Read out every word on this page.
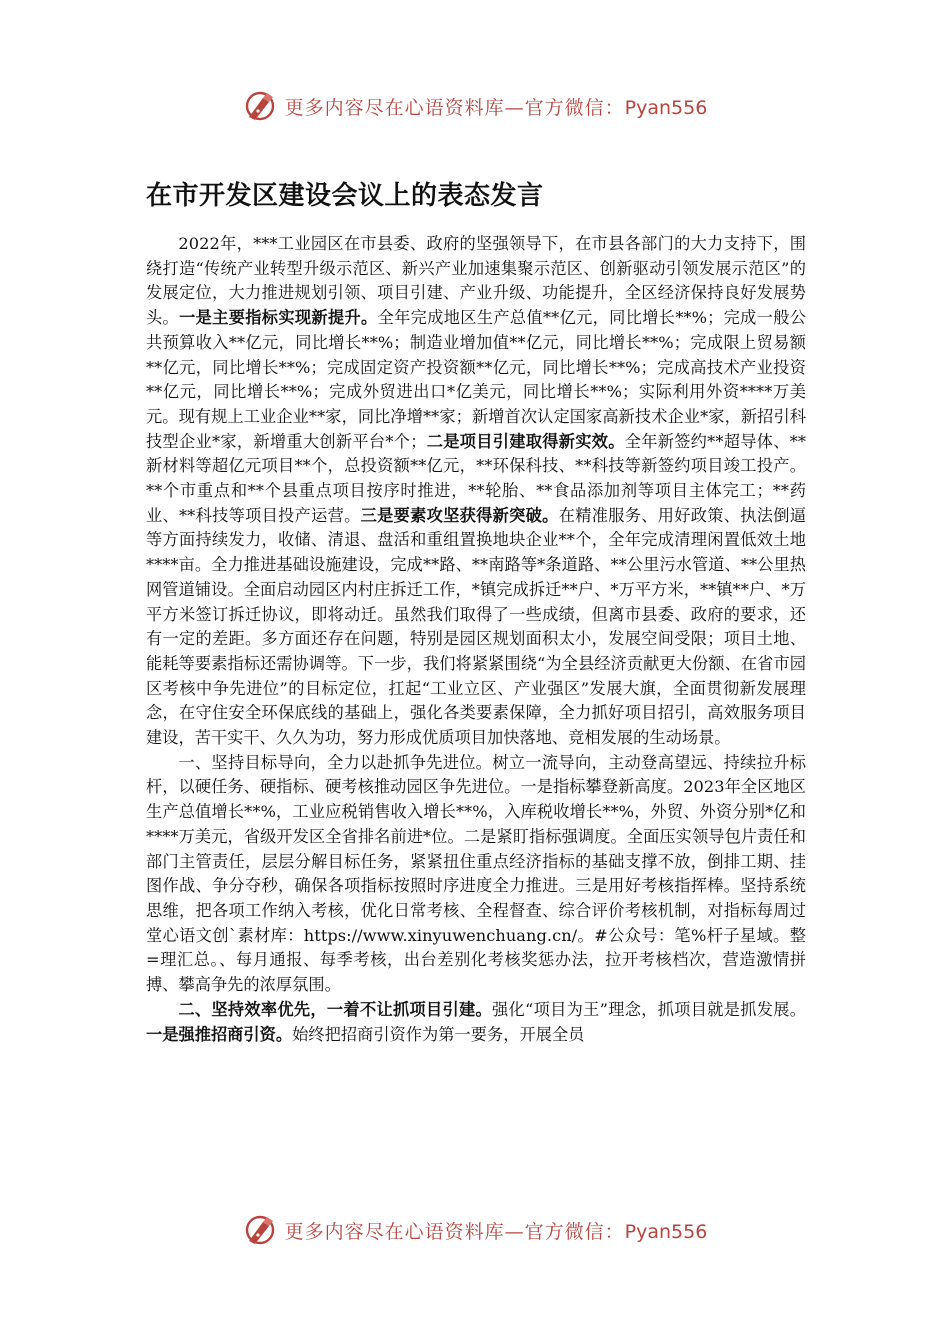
更多内容尽在心语资料库—官方微信：Pyan556
在市开发区建设会议上的表态发言

2022年，***工业园区在市县委、政府的坚强领导下，在市县各部门的大力支持下，围绕打造“传统产业转型升级示范区、新兴产业加速集聚示范区、创新驱动引领发展示范区”的发展定位，大力推进规划引领、项目引建、产业升级、功能提升，全区经济保持良好发展势头。一是主要指标实现新提升。全年完成地区生产总值**亿元，同比增长**%；完成一般公共预算收入**亿元，同比增长**%；制造业增加值**亿元，同比增长**%；完成限上贸易额**亿元，同比增长**%；完成固定资产投资额**亿元，同比增长**%；完成高技术产业投资**亿元，同比增长**%；完成外贸进出口*亿美元，同比增长**%；实际利用外资****万美元。现有规上工业企业**家，同比净增**家；新增首次认定国家高新技术企业*家，新招引科技型企业*家，新增重大创新平台*个；二是项目引建取得新实效。全年新签约**超导体、**新材料等超亿元项目**个，总投资额**亿元，**环保科技、**科技等新签约项目竣工投产。**个市重点和**个县重点项目按序时推进，**轮胎、**食品添加剂等项目主体完工；**药业、**科技等项目投产运营。三是要素攻坚获得新突破。在精准服务、用好政策、执法倒逼等方面持续发力，收储、清退、盘活和重组置换地块企业**个，全年完成清理闲置低效土地****亩。全力推进基础设施建设，完成**路、**南路等*条道路、**公里污水管道、**公里热网管道铺设。全面启动园区内村庄拆迁工作，*镇完成拆迁**户、*万平方米，**镇**户、*万平方米签订拆迁协议，即将动迁。虽然我们取得了一些成绩，但离市县委、政府的要求，还有一定的差距。多方面还存在问题，特别是园区规划面积太小，发展空间受限；项目土地、能耗等要素指标还需协调等。下一步，我们将紧紧围绕“为全县经济贡献更大份额、在省市园区考核中争先进位”的目标定位，扛起“工业立区、产业强区”发展大旗，全面贯彻新发展理念，在守住安全环保底线的基础上，强化各类要素保障，全力抓好项目招引，高效服务项目建设，苦干实干、久久为功，努力形成优质项目加快落地、竞相发展的生动场景。

一、坚持目标导向，全力以赴抓争先进位。树立一流导向，主动登高望远、持续拉升标杆，以硬任务、硬指标、硬考核推动园区争先进位。一是指标攀登新高度。2023年全区地区生产总值增长**%，工业应税销售收入增长**%，入库税收增长**%，外贸、外资分别*亿和****万美元，省级开发区全省排名前进*位。二是紧盯指标强调度。全面压实领导包片责任和部门主管责任，层层分解目标任务，紧紧扭住重点经济指标的基础支撑不放，倒排工期、挂图作战、争分夺秒，确保各项指标按照时序进度全力推进。三是用好考核指挥棒。坚持系统思维，把各项工作纳入考核，优化日常考核、全程督查、综合评价考核机制，对指标每周过堂心语文创`素材库：https://www.xinyuwenchuang.cn/。#公众号：笔%杆子星域。整=理汇总。、每月通报、每季考核，出台差别化考核奖惩办法，拉开考核档次，营造激情拼搏、攀高争先的浓厚氛围。

二、坚持效率优先，一着不让抓项目引建。强化“项目为王”理念，抓项目就是抓发展。一是强推招商引资。始终把招商引资作为第一要务，开展全员

更多内容尽在心语资料库—官方微信：Pyan556
